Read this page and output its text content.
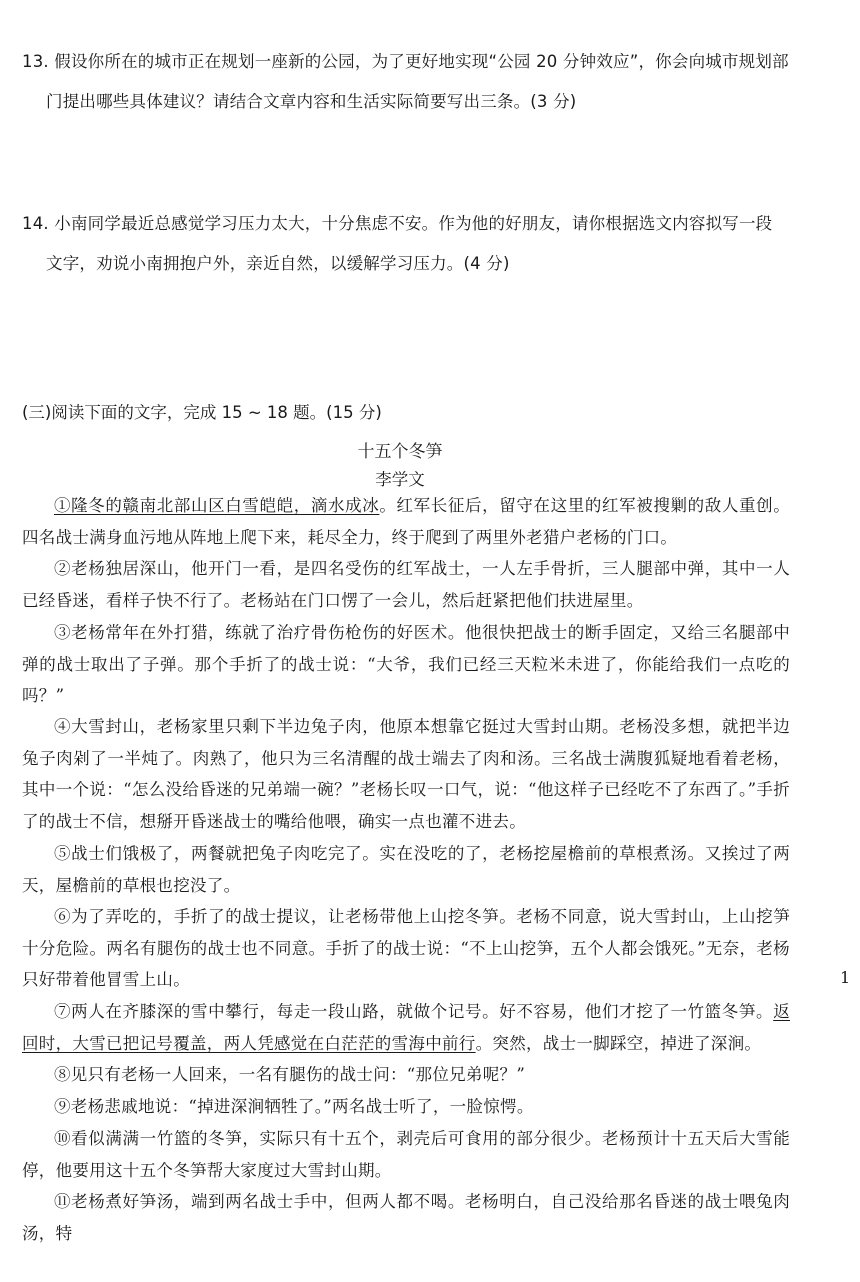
13. 假设你所在的城市正在规划一座新的公园，为了更好地实现“公园 20 分钟效应”，你会向城市规划部
门提出哪些具体建议？请结合文章内容和生活实际简要写出三条。(3 分)
14. 小南同学最近总感觉学习压力太大，十分焦虑不安。作为他的好朋友，请你根据选文内容拟写一段
文字，劝说小南拥抱户外，亲近自然，以缓解学习压力。(4 分)
(三)阅读下面的文字，完成 15 ~ 18 题。(15 分)
十五个冬笋
李学文
①隆冬的赣南北部山区白雪皑皑，滴水成冰。红军长征后，留守在这里的红军被搜剿的敌人重创。四名战士满身血污地从阵地上爬下来，耗尽全力，终于爬到了两里外老猎户老杨的门口。
②老杨独居深山，他开门一看，是四名受伤的红军战士，一人左手骨折，三人腿部中弹，其中一人已经昏迷，看样子快不行了。老杨站在门口愣了一会儿，然后赶紧把他们扶进屋里。
③老杨常年在外打猎，练就了治疗骨伤枪伤的好医术。他很快把战士的断手固定，又给三名腿部中弹的战士取出了子弹。那个手折了的战士说：“大爷，我们已经三天粒米未进了，你能给我们一点吃的吗？”
④大雪封山，老杨家里只剩下半边兔子肉，他原本想靠它挺过大雪封山期。老杨没多想，就把半边兔子肉剁了一半炖了。肉熟了，他只为三名清醒的战士端去了肉和汤。三名战士满腹狐疑地看着老杨，其中一个说：“怎么没给昏迷的兄弟端一碗？”老杨长叹一口气，说：“他这样子已经吃不了东西了。”手折了的战士不信，想掰开昏迷战士的嘴给他喂，确实一点也灌不进去。
⑤战士们饿极了，两餐就把兔子肉吃完了。实在没吃的了，老杨挖屋檐前的草根煮汤。又挨过了两天，屋檐前的草根也挖没了。
⑥为了弄吃的，手折了的战士提议，让老杨带他上山挖冬笋。老杨不同意，说大雪封山，上山挖笋十分危险。两名有腿伤的战士也不同意。手折了的战士说：“不上山挖笋，五个人都会饿死。”无奈，老杨只好带着他冒雪上山。
⑦两人在齐膝深的雪中攀行，每走一段山路，就做个记号。好不容易，他们才挖了一竹篮冬笋。返回时，大雪已把记号覆盖，两人凭感觉在白茫茫的雪海中前行。突然，战士一脚踩空，掉进了深涧。
⑧见只有老杨一人回来，一名有腿伤的战士问：“那位兄弟呢？”
⑨老杨悲戚地说：“掉进深涧牺牲了。”两名战士听了，一脸惊愕。
⑩看似满满一竹篮的冬笋，实际只有十五个，剥壳后可食用的部分很少。老杨预计十五天后大雪能停，他要用这十五个冬笋帮大家度过大雪封山期。
⑪老杨煮好笋汤，端到两名战士手中，但两人都不喝。老杨明白，自己没给那名昏迷的战士喂兔肉汤，特
1
